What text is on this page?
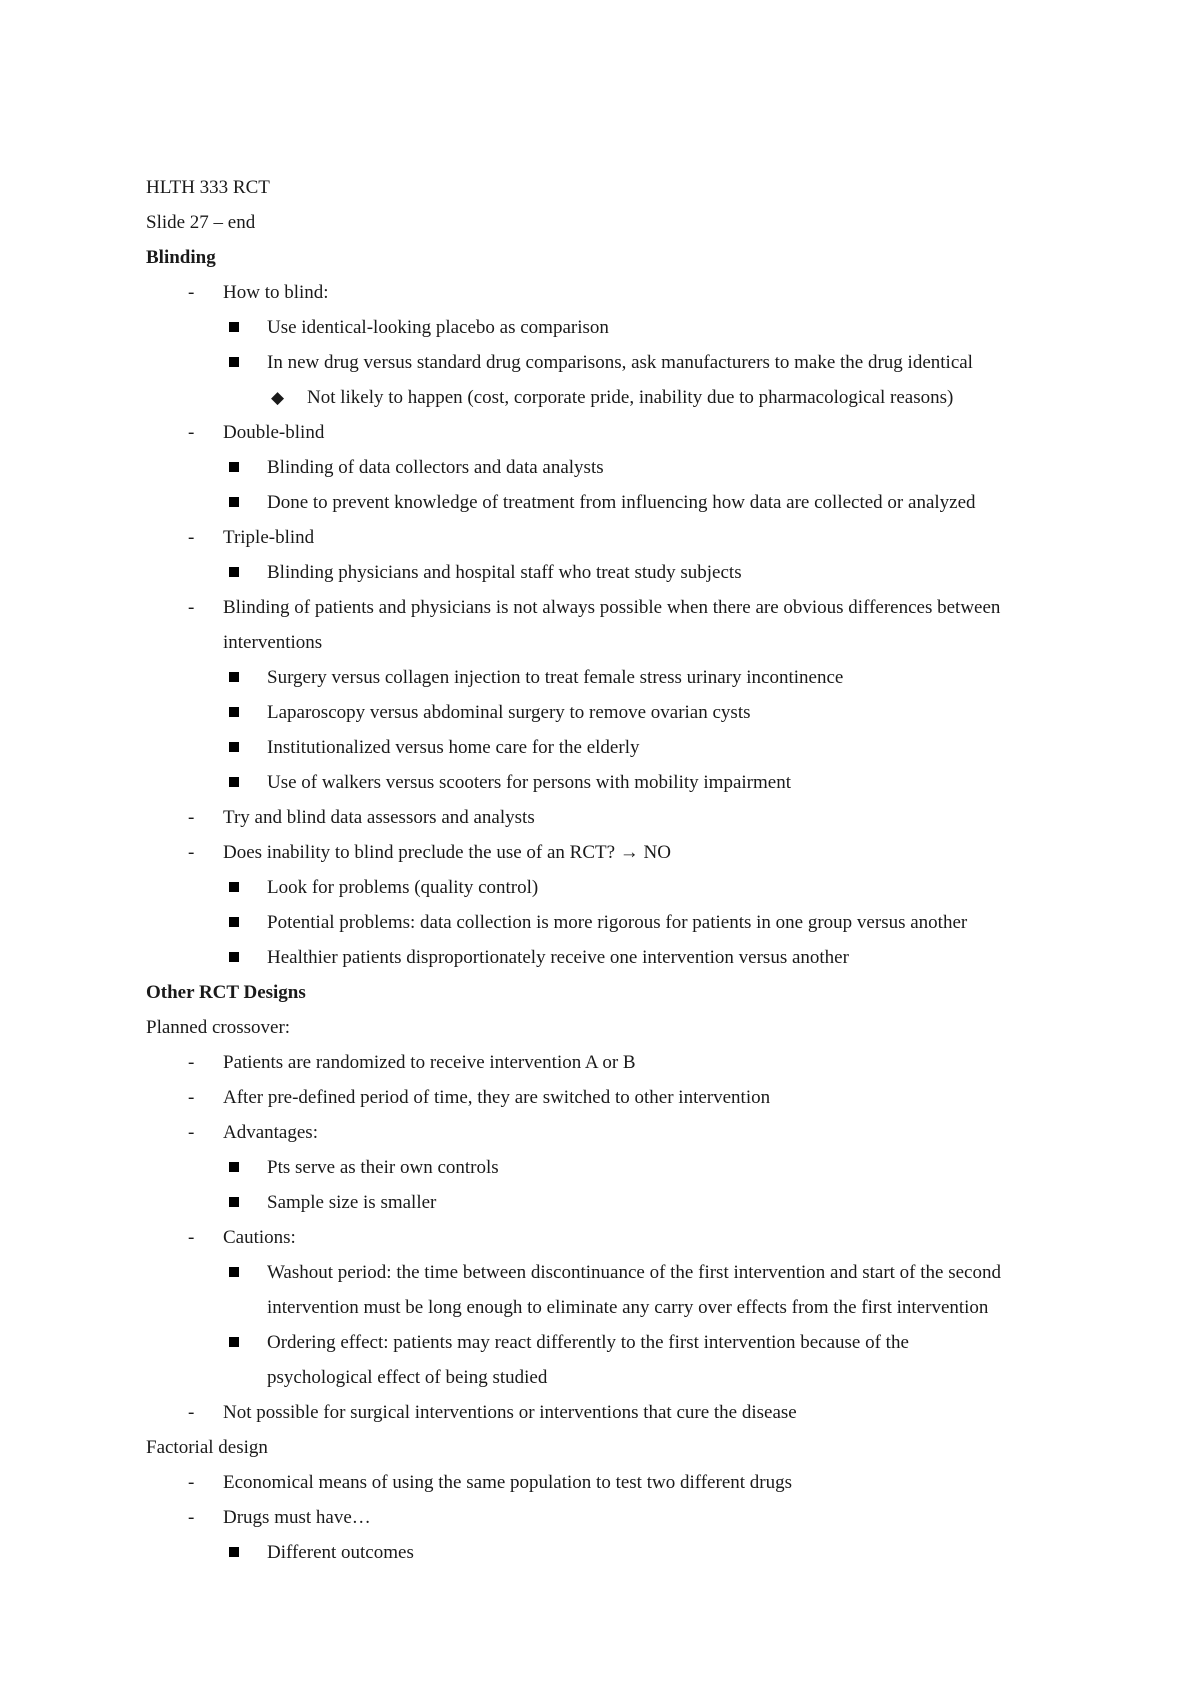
HLTH 333 RCT
Slide 27 – end
Blinding
- How to blind:
Use identical-looking placebo as comparison
In new drug versus standard drug comparisons, ask manufacturers to make the drug identical
◆ Not likely to happen (cost, corporate pride, inability due to pharmacological reasons)
- Double-blind
Blinding of data collectors and data analysts
Done to prevent knowledge of treatment from influencing how data are collected or analyzed
- Triple-blind
Blinding physicians and hospital staff who treat study subjects
- Blinding of patients and physicians is not always possible when there are obvious differences between
interventions
Surgery versus collagen injection to treat female stress urinary incontinence
Laparoscopy versus abdominal surgery to remove ovarian cysts
Institutionalized versus home care for the elderly
Use of walkers versus scooters for persons with mobility impairment
- Try and blind data assessors and analysts
- Does inability to blind preclude the use of an RCT? → NO
Look for problems (quality control)
Potential problems: data collection is more rigorous for patients in one group versus another
Healthier patients disproportionately receive one intervention versus another
Other RCT Designs
Planned crossover:
- Patients are randomized to receive intervention A or B
- After pre-defined period of time, they are switched to other intervention
- Advantages:
Pts serve as their own controls
Sample size is smaller
- Cautions:
Washout period: the time between discontinuance of the first intervention and start of the second
intervention must be long enough to eliminate any carry over effects from the first intervention
Ordering effect: patients may react differently to the first intervention because of the
psychological effect of being studied
- Not possible for surgical interventions or interventions that cure the disease
Factorial design
- Economical means of using the same population to test two different drugs
- Drugs must have…
Different outcomes
